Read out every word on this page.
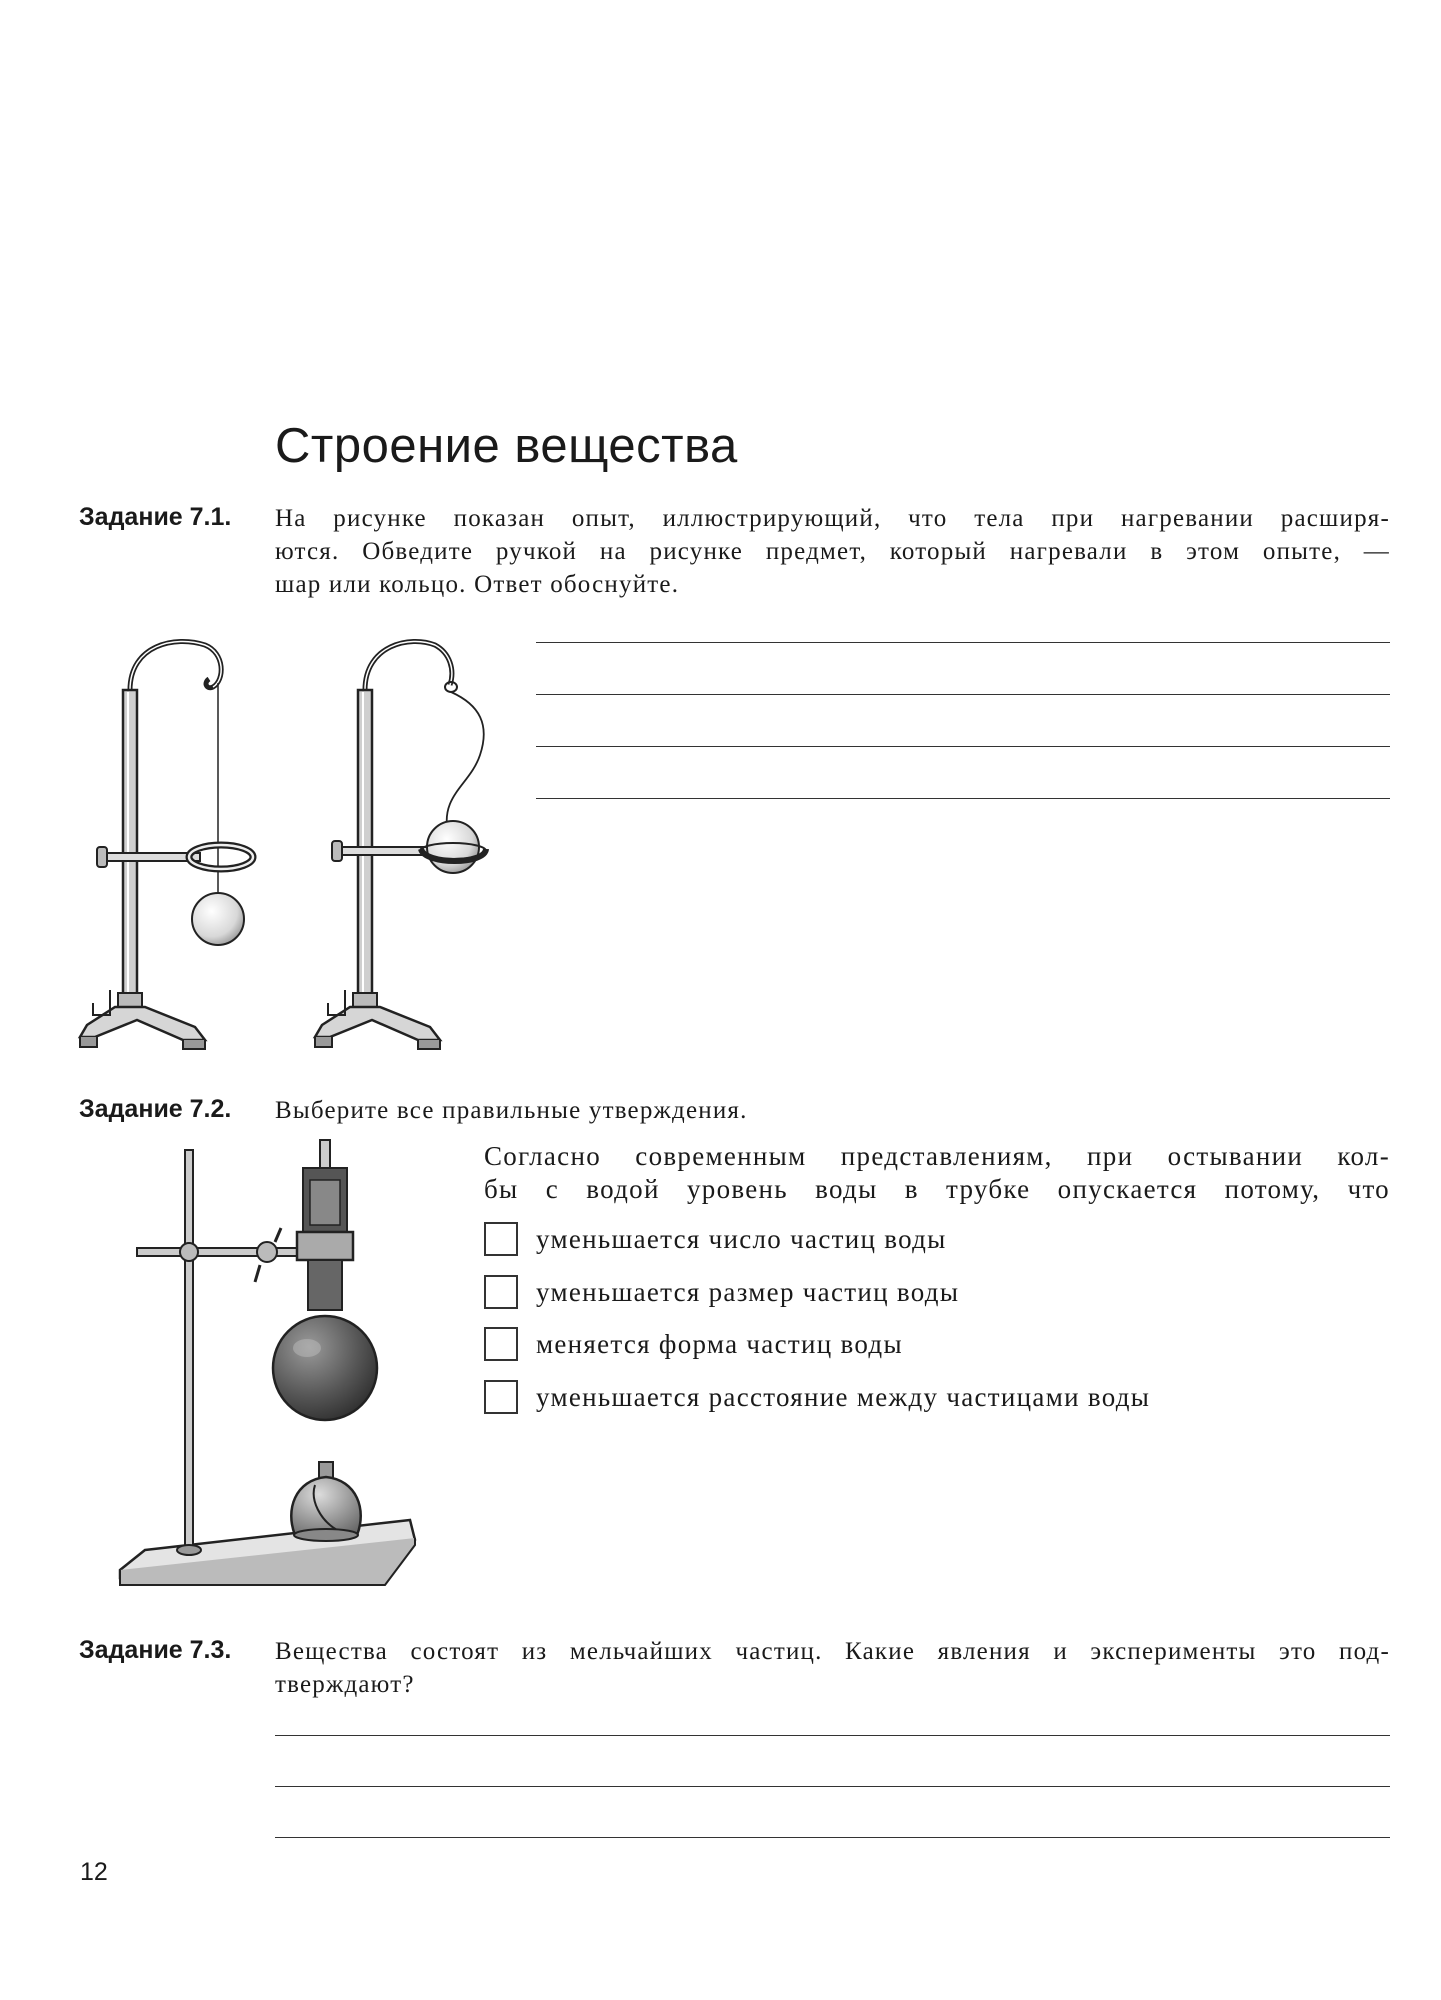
Строение вещества
Задание 7.1. На рисунке показан опыт, иллюстрирующий, что тела при нагревании расширя-
ются. Обведите ручкой на рисунке предмет, который нагревали в этом опыте, —
шар или кольцо. Ответ обоснуйте.
Задание 7.2. Выберите все правильные утверждения.
Согласно современным представлениям, при остывании кол-
бы с водой уровень воды в трубке опускается потому, что
уменьшается число частиц воды
уменьшается размер частиц воды
меняется форма частиц воды
уменьшается расстояние между частицами воды
Задание 7.3. Вещества состоят из мельчайших частиц. Какие явления и эксперименты это под-
тверждают?
12
